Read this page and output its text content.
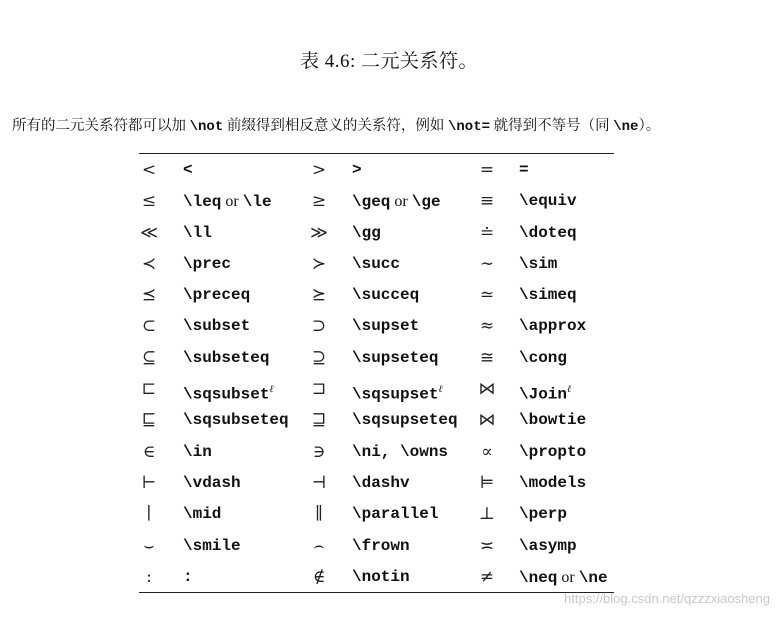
表 4.6: 二元关系符。
所有的二元关系符都可以加 \not 前缀得到相反意义的关系符，例如 \not= 就得到不等号（同 \ne）。
<	<	>	>	=	=
≤	\leq or \le ≥	\geq or \ge ≡	\equiv
≪ \ll	≫ \gg	≐	\doteq
≺	\prec	≻	\succ	∼	\sim
⪯	\preceq	⪰	\succeq	≃	\simeq
⊂	\subset	⊃	\supset	≈	\approx
⊆	\subseteq ⊇	\supseteq ≅	\cong
⊏	\sqsubset$^\ell$ ⊐	\sqsupset$^\ell$ ⋈ \Join$^\ell$
⊑	\sqsubseteq ⊒	\sqsupseteq ⋈ \bowtie
∈	\in	∋	\ni, \owns	∝	\propto
⊢ \vdash	⊣ \dashv	⊨ \models
∣	\mid	∥	\parallel ⊥ \perp
⌣	\smile	⌢	\frown	≍	\asymp
:	:	∉	\notin	≠	\neq or \ne
https://blog.csdn.net/qzzzxiaosheng
